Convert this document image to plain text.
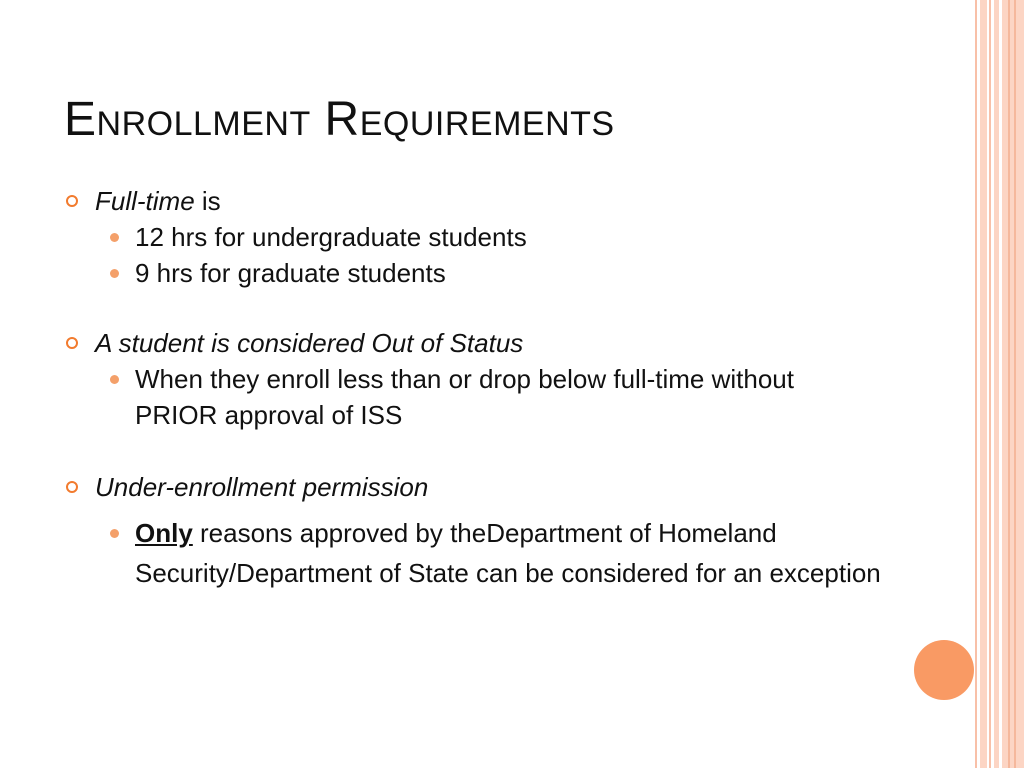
Enrollment Requirements
Full-time is
12 hrs for undergraduate students
9 hrs for graduate students
A student is considered Out of Status
When they enroll less than or drop below full-time without PRIOR approval of ISS
Under-enrollment permission
Only reasons approved by theDepartment of Homeland Security/Department of State can be considered for an exception
